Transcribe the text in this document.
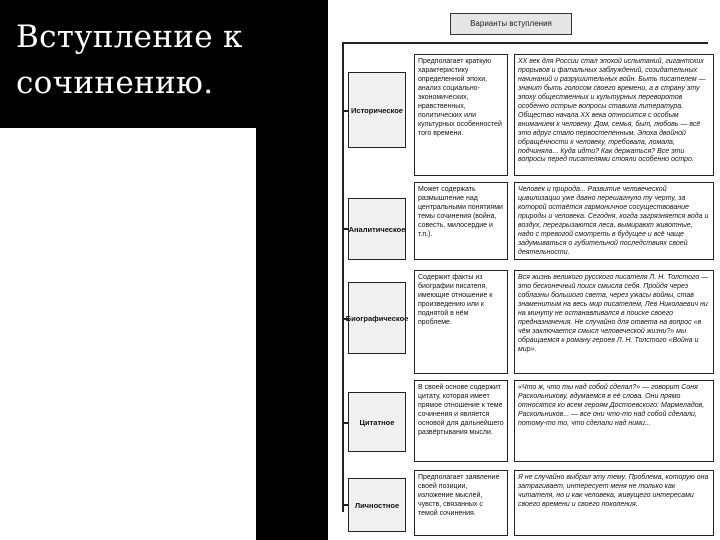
Вступление к сочинению.
Варианты вступления
Историческое
Предполагает краткую характеристику определенной эпохи, анализ социально-экономических, нравственных, политических или культурных особенностей того времени.
XX век для России стал эпохой испытаний, гигантских прорывов и фатальных заблуждений, созидательных начинаний и разрушительных войн. Быть писателем — значит быть голосом своего времени, а в страну эту эпоху общественных и культурных переворотов особенно острые вопросы ставила литература. Общество начала XX века относится с особым вниманием к человеку. Дом, семья, быт, любовь — всё это вдруг стало первостепенным. Эпоха двойной обращённости к человеку, требовала, ломала, подчиняла... Куда идти? Как держаться? Все эти вопросы перед писателями стояли особенно остро.
Аналитическое
Может содержать размышление над центральными понятиями темы сочинения (война, совесть, милосердие и т.п.).
Человек и природа... Развитие человеческой цивилизации уже давно перешагнуло ту черту, за которой остаётся гармоничное сосуществование природы и человека. Сегодня, когда загрязняется вода и воздух, перегрызаются леса, вымирают животные, надо с тревогой смотреть в будущее и всё чаще задумываться о губительной последствиях своей деятельности.
Биографическое
Содержит факты из биографии писателя, имеющие отношение к произведению или к поднятой в нём проблеме.
Вся жизнь великого русского писателя Л. Н. Толстого — это бесконечный поиск смысла себя. Пройдя через соблазны большого света, через ужасы войны, став знаменитым на весь мир писателем, Лев Николаевич ни на минуту не останавливался в поиске своего предназначения. Не случайно для ответа на вопрос «в чём заключается смысл человеческой жизни?» мы обращаемся к роману героев Л. Н. Толстого «Война и мир».
Цитатное
В своей основе содержит цитату, которая имеет прямое отношение к теме сочинения и является основой для дальнейшего развёртывания мысли.
«Что ж, что ты над собой сделал?» — говорит Соня Раскольникову, вдумаемся в её слова. Они прямо относятся ко всем героям Достоевского: Мармеладов, Раскольников... — все они что-то над собой сделали, потому-то то, что сделали над ними...
Личностное
Предполагает заявление своей позиции, изложение мыслей, чувств, связанных с темой сочинения.
Я не случайно выбрал эту тему. Проблема, которую она затрагивает, интересует меня не только как читателя, но и как человека, живущего интересами своего времени и своего поколения.
